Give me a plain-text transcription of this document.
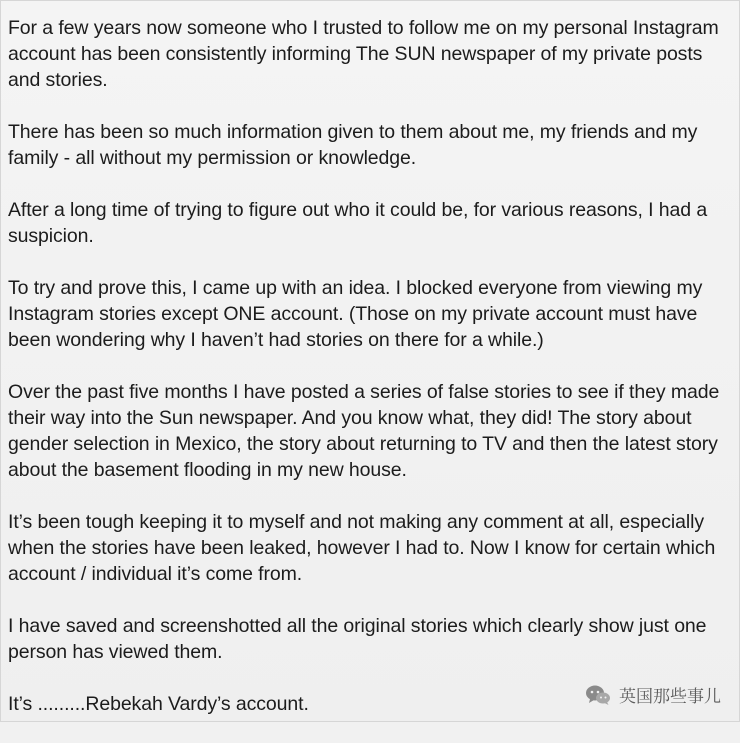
For a few years now someone who I trusted to follow me on my personal Instagram account has been consistently informing The SUN newspaper of my private posts and stories.

There has been so much information given to them about me, my friends and my family - all without my permission or knowledge.

After a long time of trying to figure out who it could be, for various reasons, I had a suspicion.

To try and prove this, I came up with an idea. I blocked everyone from viewing my Instagram stories except ONE account. (Those on my private account must have been wondering why I haven’t had stories on there for a while.)

Over the past five months I have posted a series of false stories to see if they made their way into the Sun newspaper. And you know what, they did! The story about gender selection in Mexico, the story about returning to TV and then the latest story about the basement flooding in my new house.

It’s been tough keeping it to myself and not making any comment at all, especially when the stories have been leaked, however I had to. Now I know for certain which account / individual it’s come from.

I have saved and screenshotted all the original stories which clearly show just one person has viewed them.

It’s .........Rebekah Vardy’s account.	英国那些事儿
